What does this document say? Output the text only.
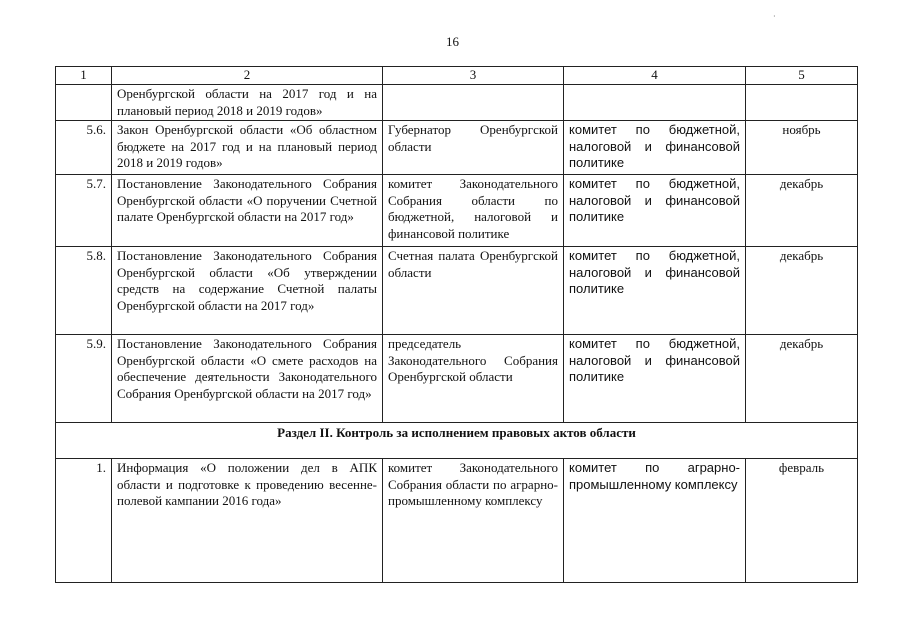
·
16
1	2	3	4	5
	Оренбургской области на 2017 год и на плановый период 2018 и 2019 годов»			
5.6.	Закон Оренбургской области «Об областном бюджете на 2017 год и на плановый период 2018 и 2019 годов»	Губернатор Оренбургской области	комитет по бюджетной, налоговой и финансовой политике	ноябрь
5.7.	Постановление Законодательного Собрания Оренбургской области «О поручении Счетной палате Оренбургской области на 2017 год»	комитет Законодательного Собрания области по бюджетной, налоговой и финансовой политике	комитет по бюджетной, налоговой и финансовой политике	декабрь
5.8.	Постановление Законодательного Собрания Оренбургской области «Об утверждении средств на содержание Счетной палаты Оренбургской области на 2017 год»	Счетная палата Оренбургской области	комитет по бюджетной, налоговой и финансовой политике	декабрь
5.9.	Постановление Законодательного Собрания Оренбургской области «О смете расходов на обеспечение деятельности Законодательного Собрания Оренбургской области на 2017 год»	председатель Законодательного Собрания Оренбургской области	комитет по бюджетной, налоговой и финансовой политике	декабрь
Раздел II. Контроль за исполнением правовых актов области				
1.	Информация «О положении дел в АПК области и подготовке к проведению весенне-полевой кампании 2016 года»	комитет Законодательного Собрания области по аграрно-промышленному комплексу	комитет по аграрно-промышленному комплексу	февраль
